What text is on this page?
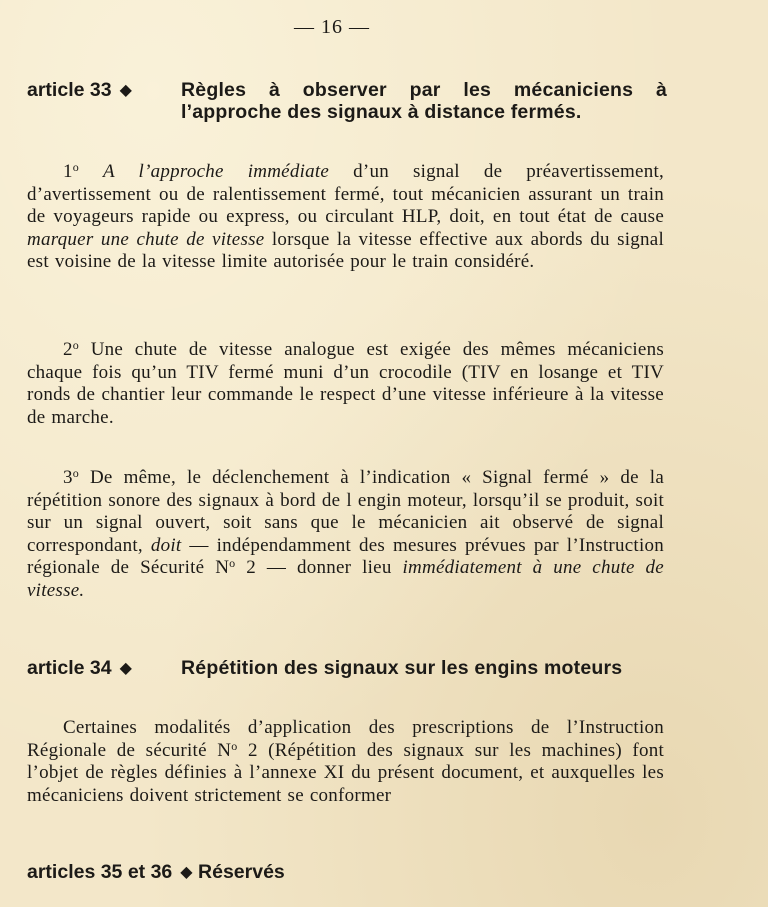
— 16 —
article 33 ◆	Règles à observer par les mécaniciens à l’approche des signaux à distance fermés.
1$^o$ A l’approche immédiate d’un signal de préavertissement, d’avertissement ou de ralentissement fermé, tout mécanicien assurant un train de voyageurs rapide ou express, ou circulant HLP, doit, en tout état de cause marquer une chute de vitesse lorsque la vitesse effective aux abords du signal est voisine de la vitesse limite autorisée pour le train considéré.
2$^o$ Une chute de vitesse analogue est exigée des mêmes mécaniciens chaque fois qu’un TIV fermé muni d’un crocodile (TIV en losange et TIV ronds de chantier leur commande le respect d’une vitesse inférieure à la vitesse de marche.
3$^o$ De même, le déclenchement à l’indication « Signal fermé » de la répétition sonore des signaux à bord de l engin moteur, lorsqu’il se produit, soit sur un signal ouvert, soit sans que le mécanicien ait observé de signal correspondant, doit — indépendamment des mesures prévues par l’Instruction régionale de Sécurité $N^o$ 2 — donner lieu immédiatement à une chute de vitesse.
article 34 ◆	Répétition des signaux sur les engins moteurs
Certaines modalités d’application des prescriptions de l’Instruction Régionale de sécurité $N^o$ 2 (Répétition des signaux sur les machines) font l’objet de règles définies à l’annexe XI du présent document, et auxquelles les mécaniciens doivent strictement se conformer
articles 35 et 36 ◆ Réservés
